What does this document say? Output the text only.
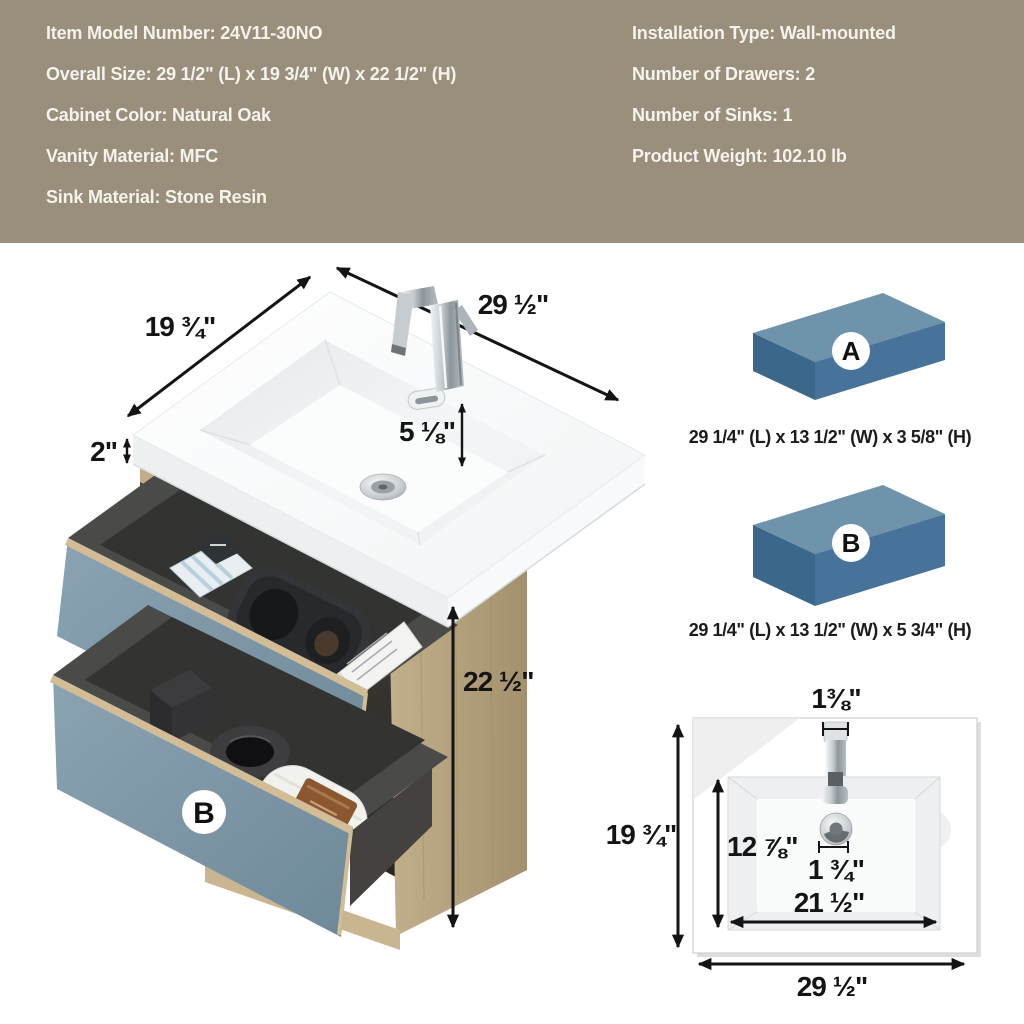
Item Model Number: 24V11-30NO

Overall Size: 29 1/2" (L) x 19 3/4" (W) x 22 1/2" (H)

Cabinet Color: Natural Oak

Vanity Material: MFC

Sink Material: Stone Resin

Installation Type: Wall-mounted

Number of Drawers: 2

Number of Sinks: 1

Product Weight: 102.10 lb

B
29 ½"
19 ¾"
5 ⅛"
2"
22 ½"
A
29 1/4" (L) x 13 1/2" (W) x 3 5/8" (H)
B
29 1/4" (L) x 13 1/2" (W) x 5 3/4" (H)
1⅜"
19 ¾" 12 ⅞"
1 ¾"
21 ½"
29 ½"
